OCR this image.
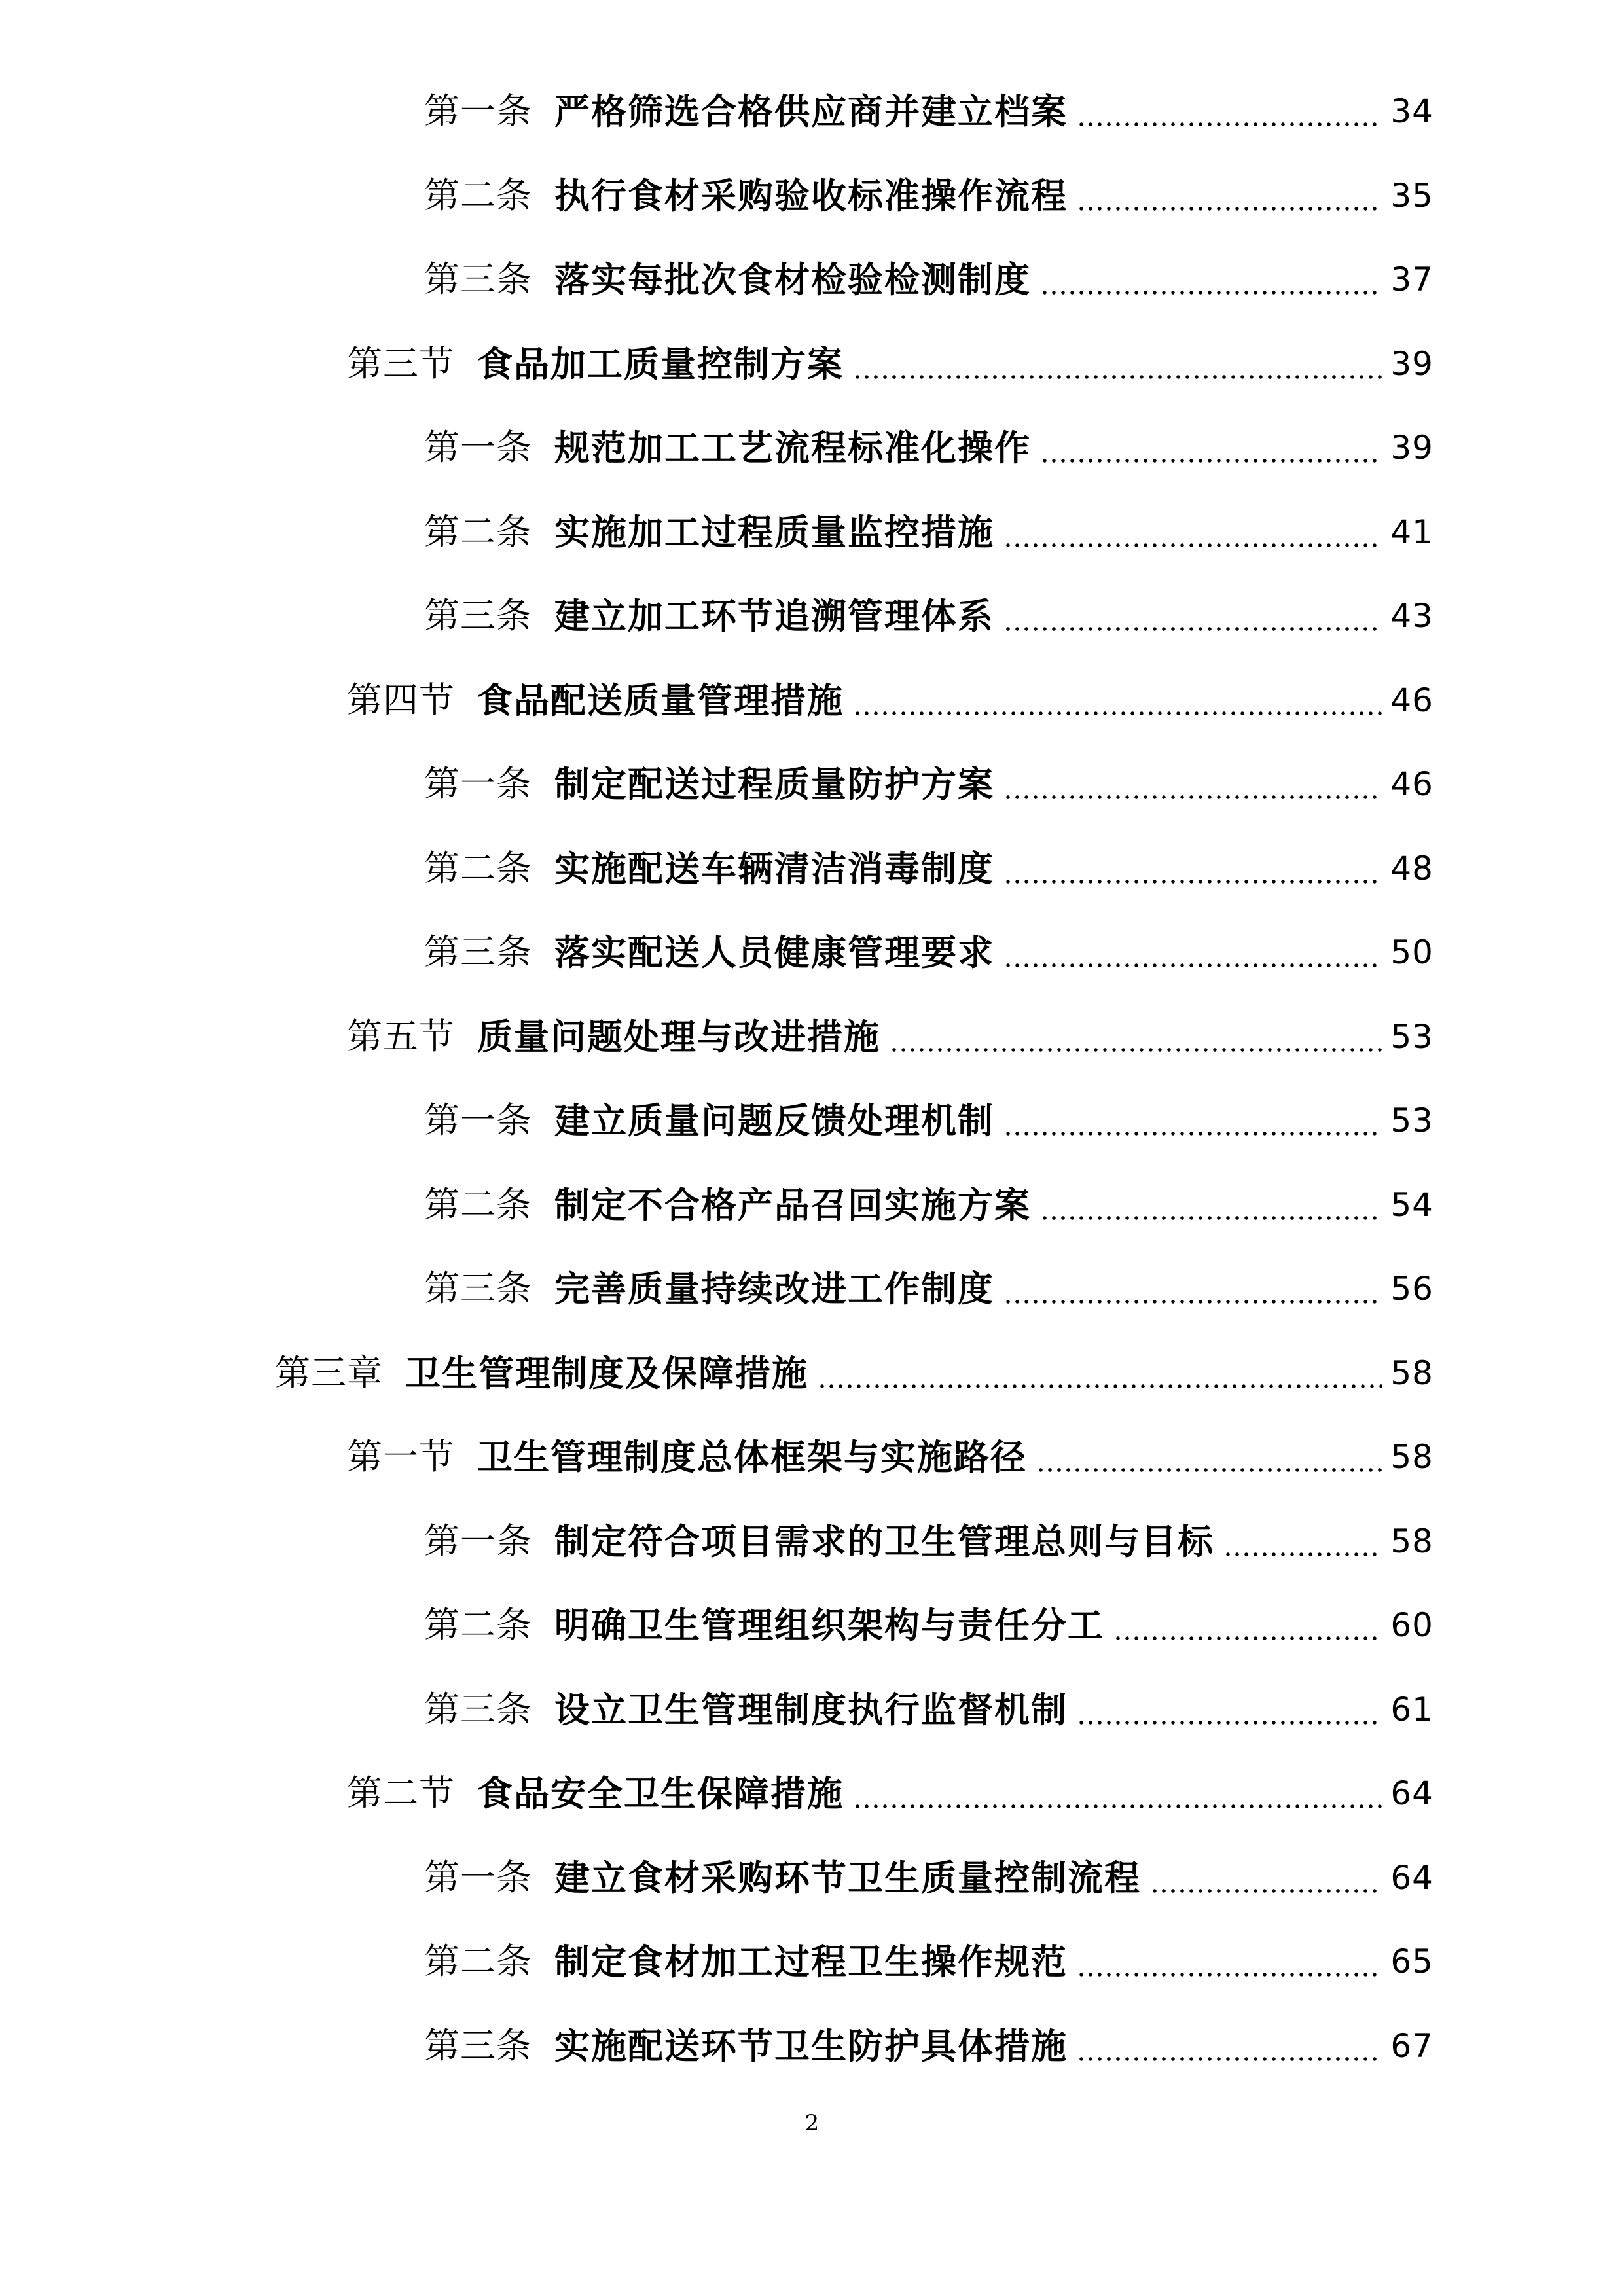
第一条 严格筛选合格供应商并建立档案	34
第二条 执行食材采购验收标准操作流程	35
第三条 落实每批次食材检验检测制度	37
第三节 食品加工质量控制方案	39
第一条 规范加工工艺流程标准化操作	39
第二条 实施加工过程质量监控措施	41
第三条 建立加工环节追溯管理体系	43
第四节 食品配送质量管理措施	46
第一条 制定配送过程质量防护方案	46
第二条 实施配送车辆清洁消毒制度	48
第三条 落实配送人员健康管理要求	50
第五节 质量问题处理与改进措施	53
第一条 建立质量问题反馈处理机制	53
第二条 制定不合格产品召回实施方案	54
第三条 完善质量持续改进工作制度	56
第三章 卫生管理制度及保障措施	58
第一节 卫生管理制度总体框架与实施路径	58
第一条 制定符合项目需求的卫生管理总则与目标	58
第二条 明确卫生管理组织架构与责任分工	60
第三条 设立卫生管理制度执行监督机制	61
第二节 食品安全卫生保障措施	64
第一条 建立食材采购环节卫生质量控制流程	64
第二条 制定食材加工过程卫生操作规范	65
第三条 实施配送环节卫生防护具体措施	67
2
